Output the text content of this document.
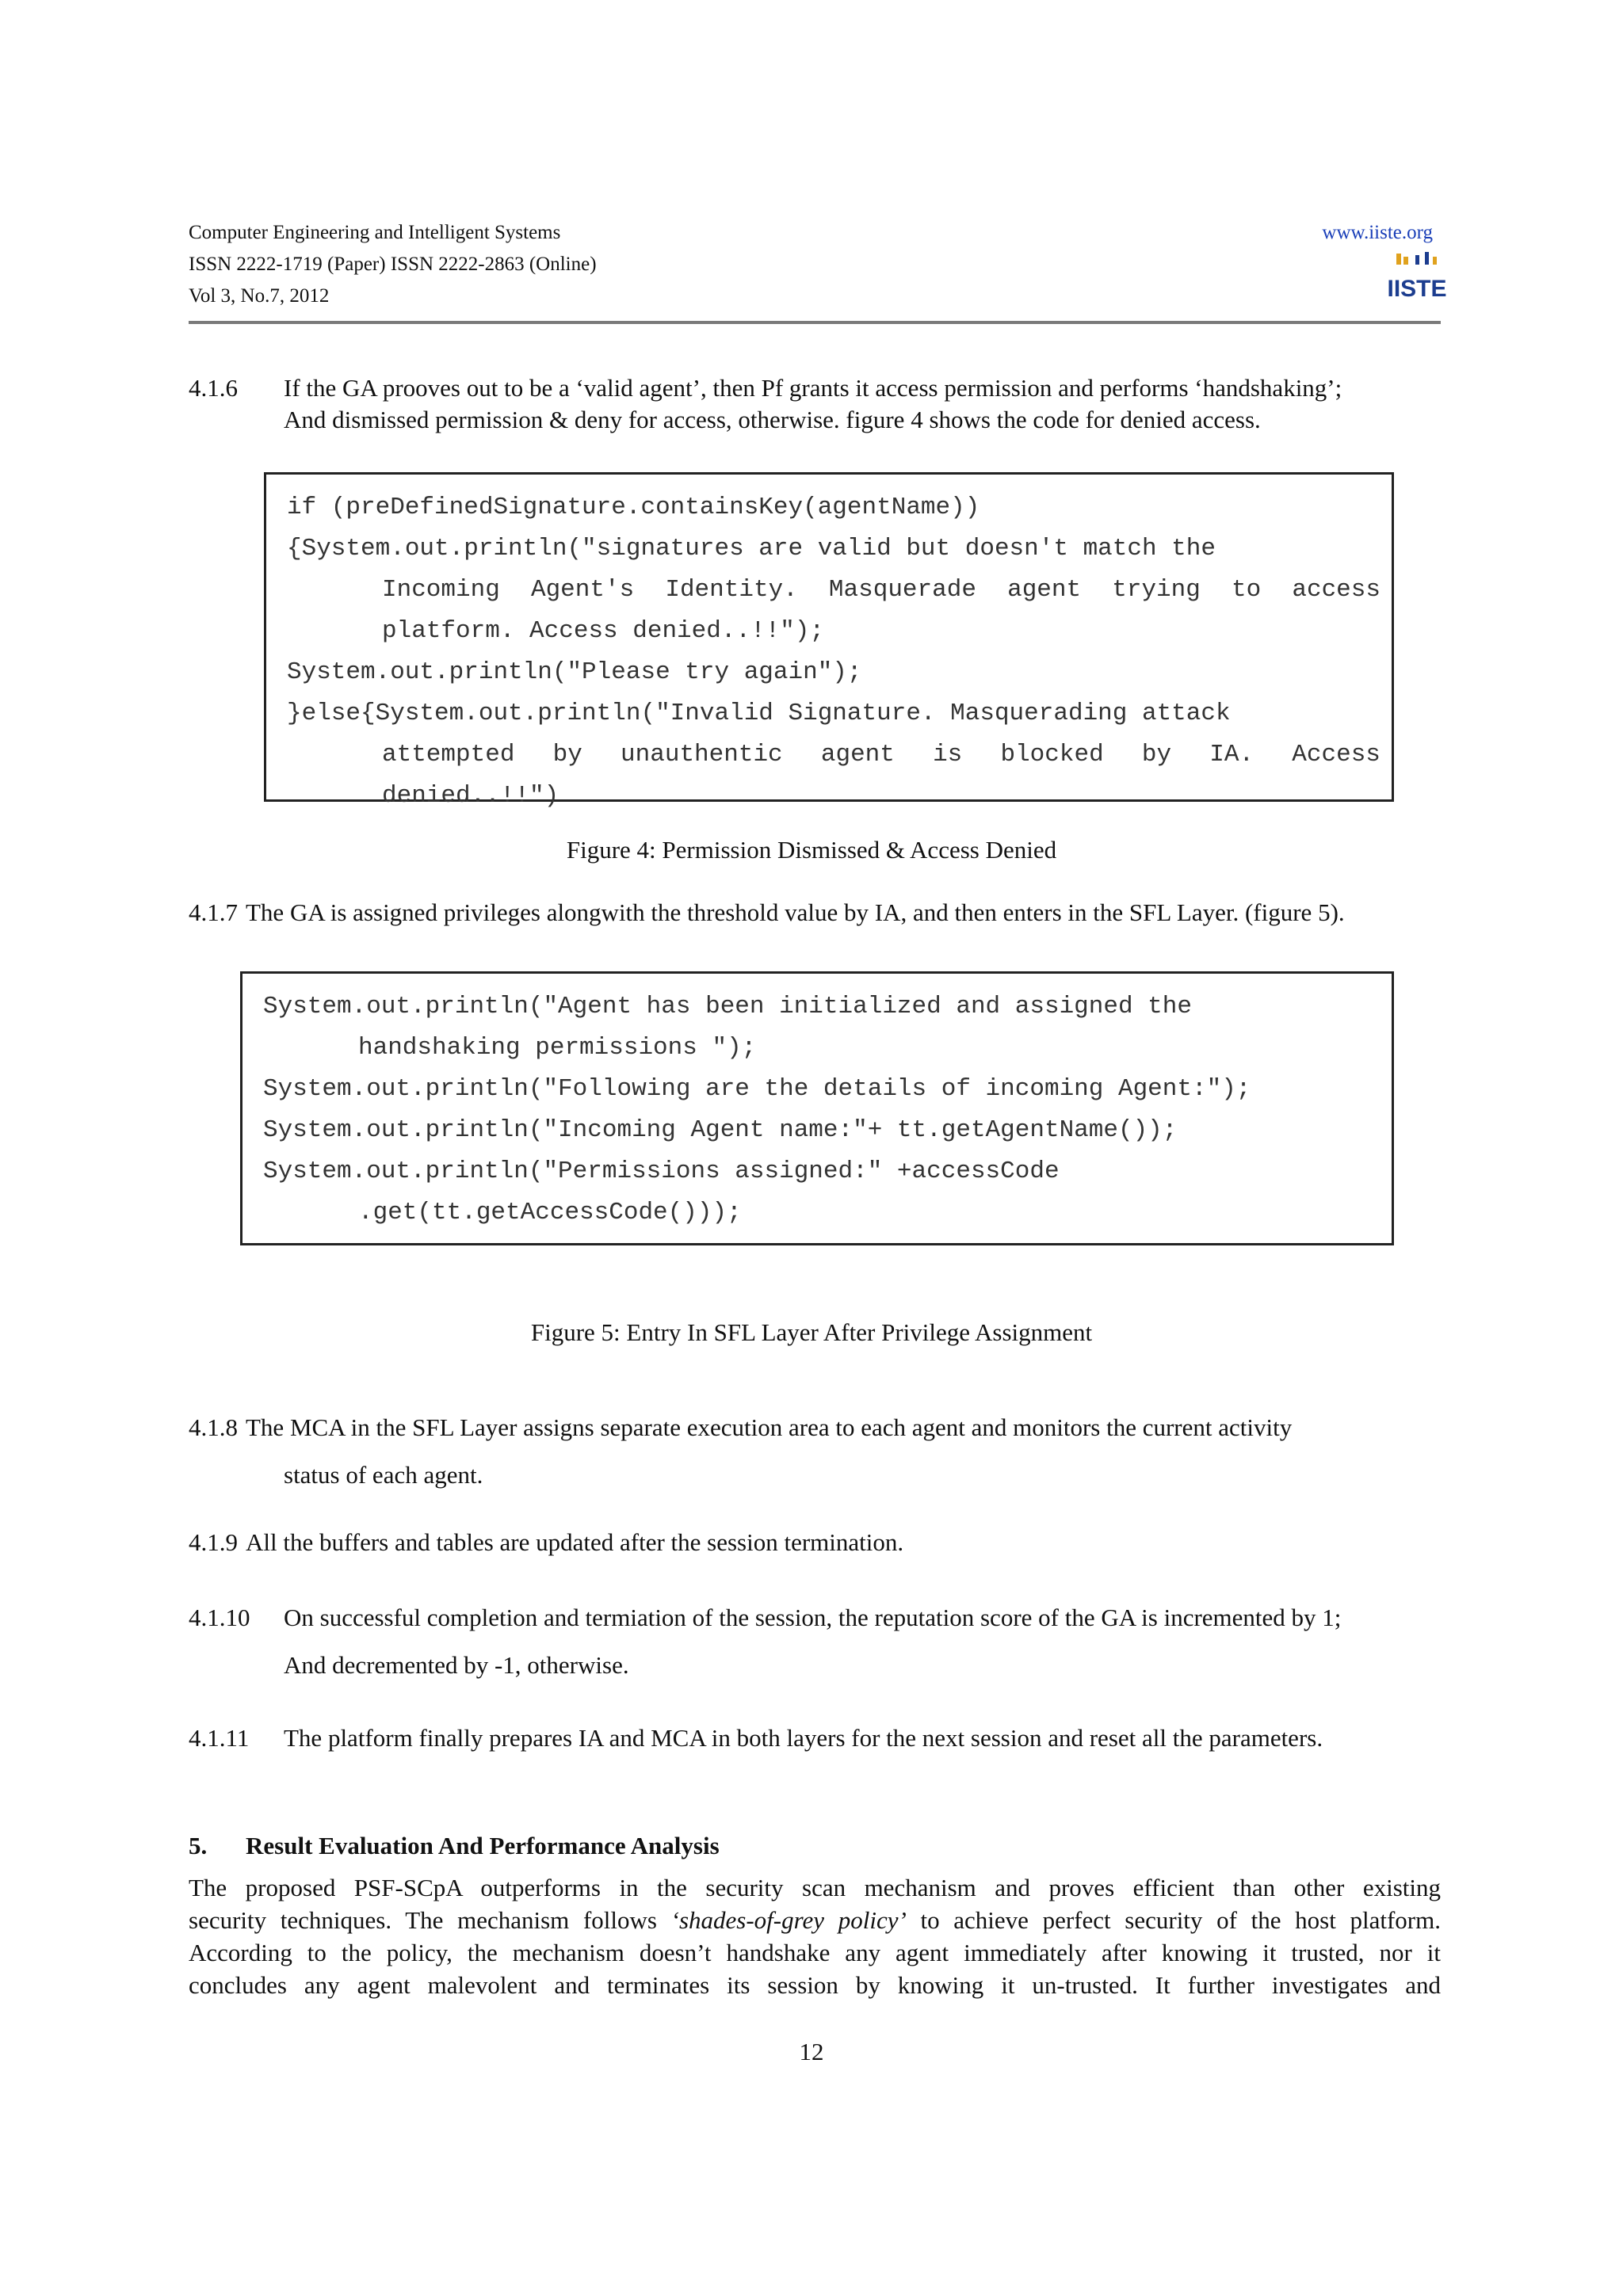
Computer Engineering and Intelligent Systems
ISSN 2222-1719 (Paper) ISSN 2222-2863 (Online)
Vol 3, No.7, 2012
www.iiste.org
IISTE
4.1.6 If the GA prooves out to be a ‘valid agent’, then Pf grants it access permission and performs ‘handshaking’;
And dismissed permission & deny for access, otherwise. figure 4 shows the code for denied access.
if (preDefinedSignature.containsKey(agentName))
{System.out.println("signatures are valid but doesn't match the
Incoming Agent's Identity. Masquerade agent trying to access
platform. Access denied..!!");
System.out.println("Please try again");
}else{System.out.println("Invalid Signature. Masquerading attack
attempted by unauthentic agent is blocked by IA. Access
denied..!!")
Figure 4: Permission Dismissed & Access Denied
4.1.7 The GA is assigned privileges alongwith the threshold value by IA, and then enters in the SFL Layer. (figure 5).
System.out.println("Agent has been initialized and assigned the
handshaking permissions ");
System.out.println("Following are the details of incoming Agent:");
System.out.println("Incoming Agent name:"+ tt.getAgentName());
System.out.println("Permissions assigned:" +accessCode
.get(tt.getAccessCode()));
Figure 5: Entry In SFL Layer After Privilege Assignment
4.1.8 The MCA in the SFL Layer assigns separate execution area to each agent and monitors the current activity
status of each agent.
4.1.9 All the buffers and tables are updated after the session termination.
4.1.10 On successful completion and termiation of the session, the reputation score of the GA is incremented by 1;
And decremented by -1, otherwise.
4.1.11 The platform finally prepares IA and MCA in both layers for the next session and reset all the parameters.
5. Result Evaluation And Performance Analysis
The proposed PSF-SCpA outperforms in the security scan mechanism and proves efficient than other existing
security techniques. The mechanism follows ‘shades-of-grey policy’ to achieve perfect security of the host platform.
According to the policy, the mechanism doesn’t handshake any agent immediately after knowing it trusted, nor it
concludes any agent malevolent and terminates its session by knowing it un-trusted. It further investigates and
12
